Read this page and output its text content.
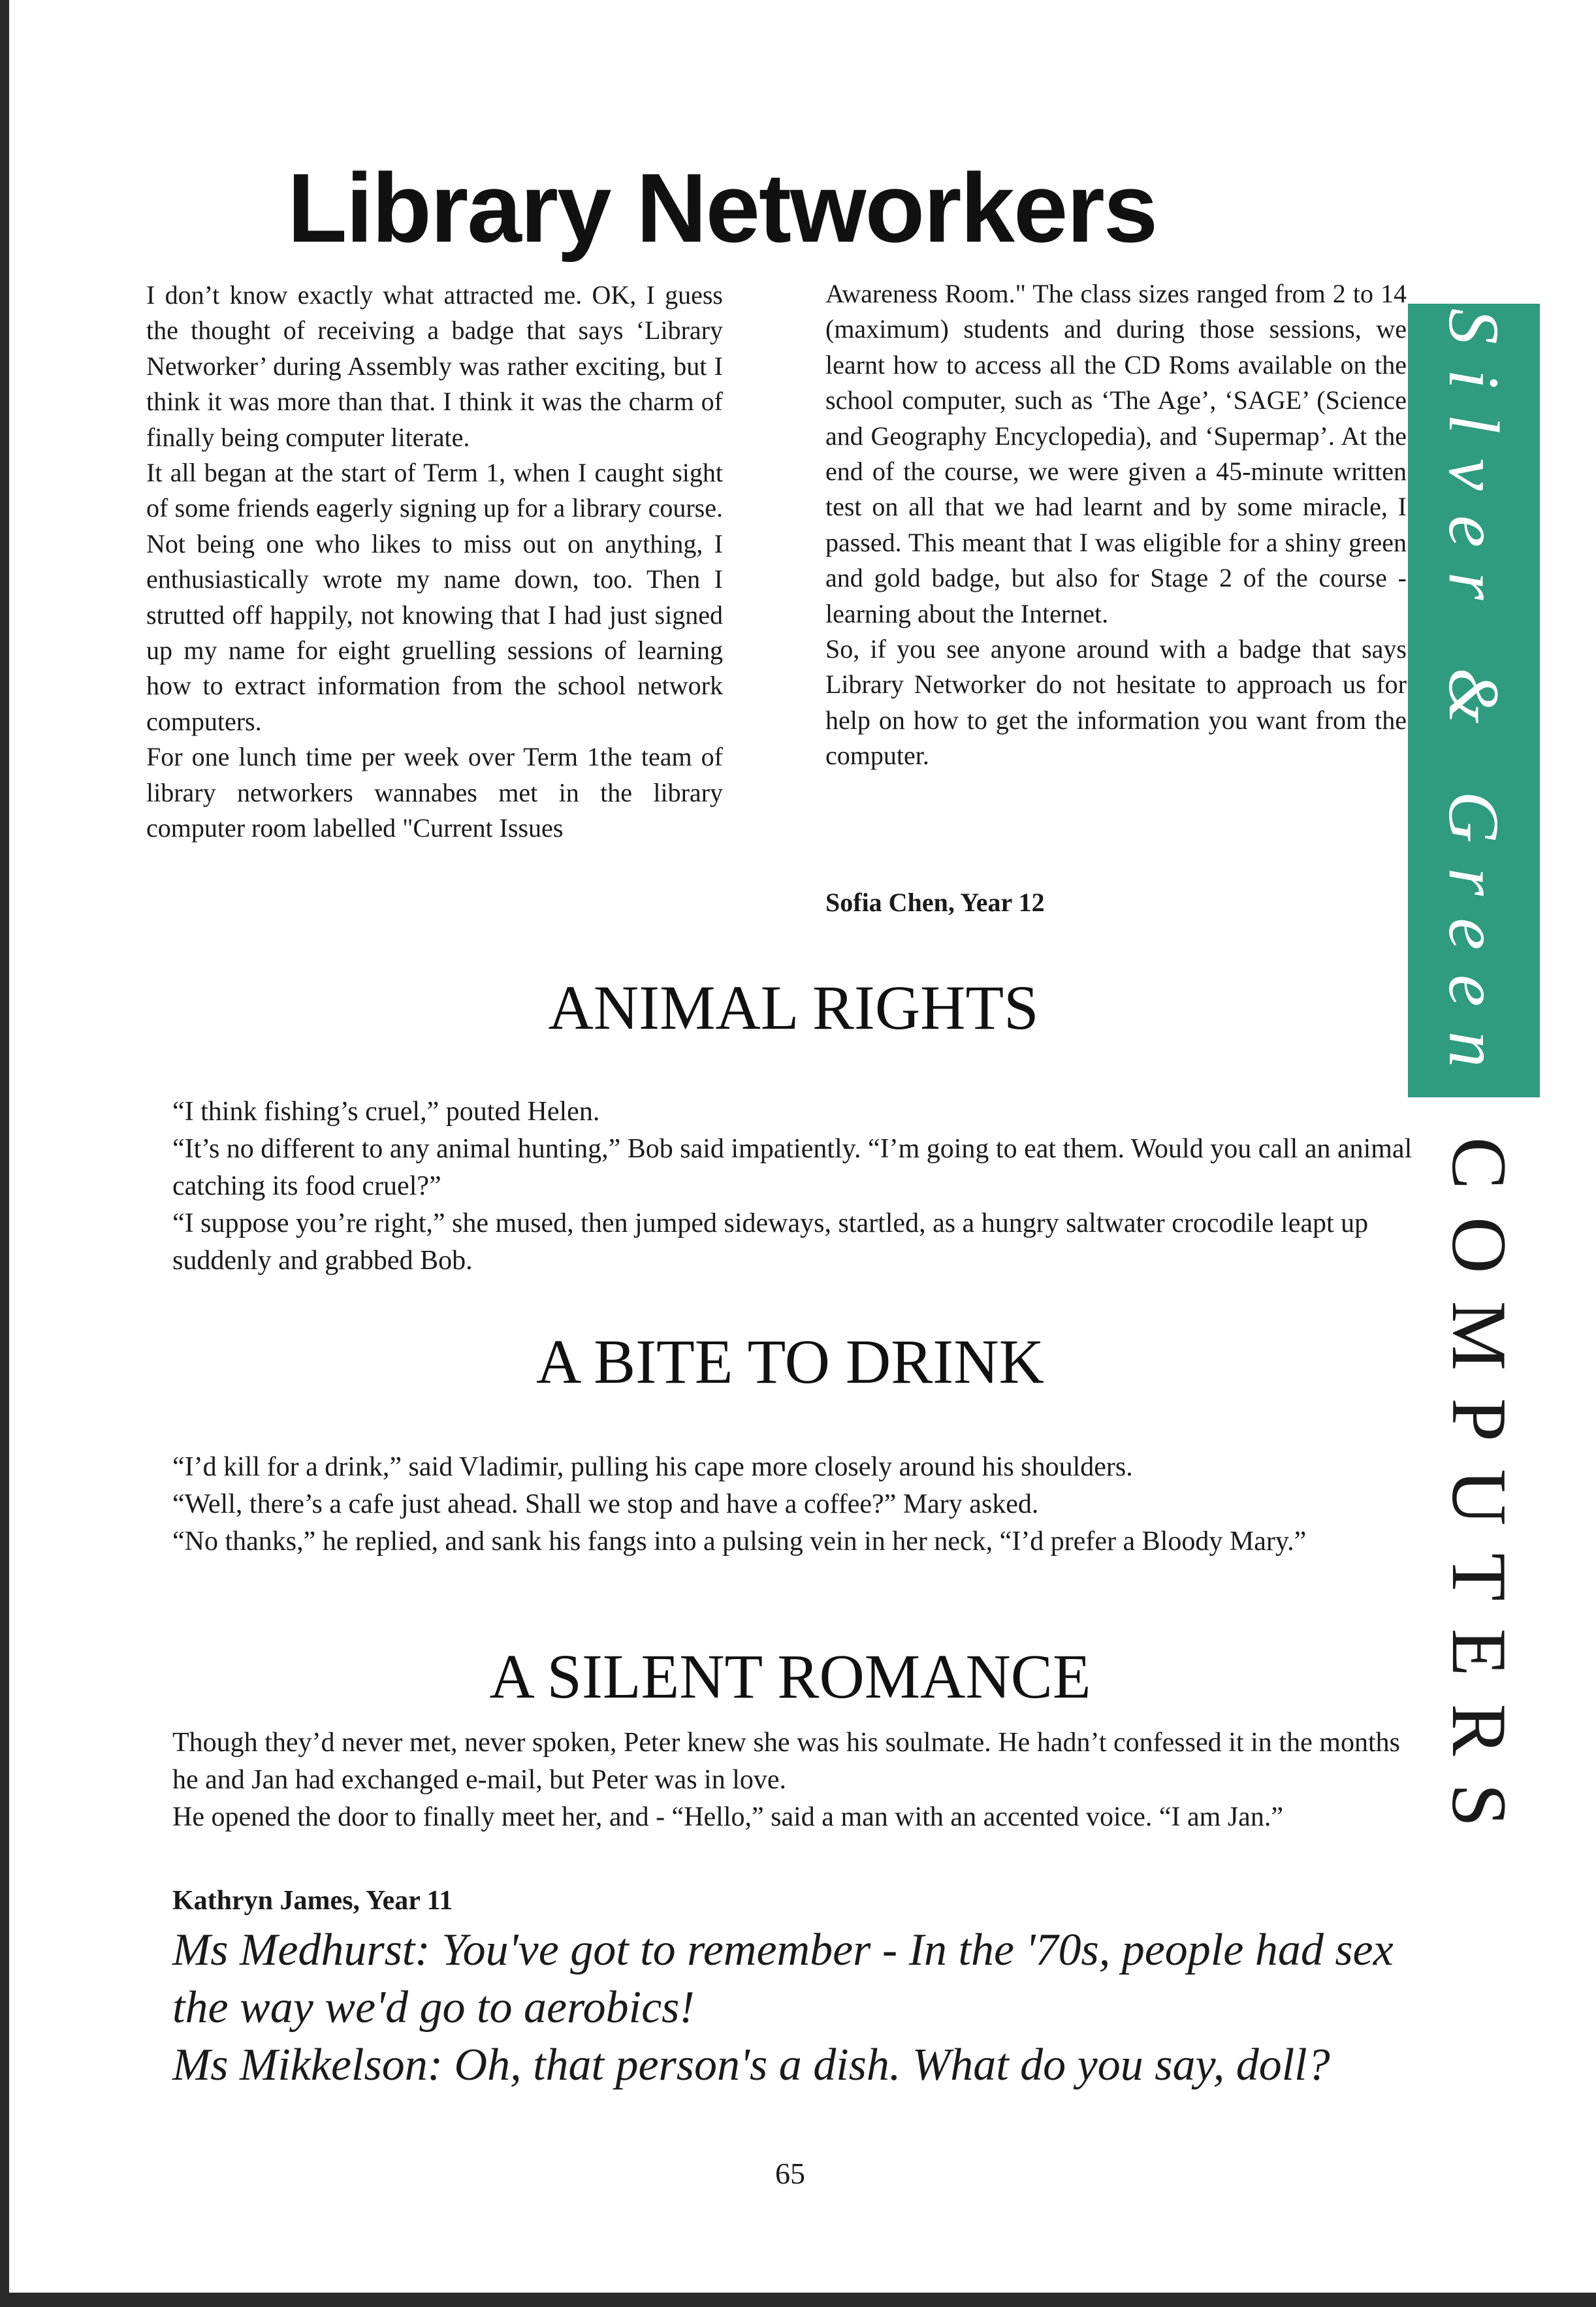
Library Networkers

I don’t know exactly what attracted me. OK, I guess the thought of receiving a badge that says ‘Library Networker’ during Assembly was rather exciting, but I think it was more than that. I think it was the charm of finally being computer literate.

It all began at the start of Term 1, when I caught sight of some friends eagerly signing up for a library course. Not being one who likes to miss out on anything, I enthusiastically wrote my name down, too. Then I strutted off happily, not knowing that I had just signed up my name for eight gruelling sessions of learning how to extract information from the school network computers.

For one lunch time per week over Term 1the team of library networkers wannabes met in the library computer room labelled "Current Issues

Awareness Room." The class sizes ranged from 2 to 14 (maximum) students and during those sessions, we learnt how to access all the CD Roms available on the school computer, such as ‘The Age’, ‘SAGE’ (Science and Geography Encyclopedia), and ‘Supermap’. At the end of the course, we were given a 45-minute written test on all that we had learnt and by some miracle, I passed. This meant that I was eligible for a shiny green and gold badge, but also for Stage 2 of the course - learning about the Internet.

So, if you see anyone around with a badge that says Library Networker do not hesitate to approach us for help on how to get the information you want from the computer.

Sofia Chen, Year 12	Silver & Green
COMPUTERS
ANIMAL RIGHTS

“I think fishing’s cruel,” pouted Helen.

“It’s no different to any animal hunting,” Bob said impatiently. “I’m going to eat them. Would you call an animal catching its food cruel?”

“I suppose you’re right,” she mused, then jumped sideways, startled, as a hungry saltwater crocodile leapt up suddenly and grabbed Bob.

A BITE TO DRINK

“I’d kill for a drink,” said Vladimir, pulling his cape more closely around his shoulders.

“Well, there’s a cafe just ahead. Shall we stop and have a coffee?” Mary asked.

“No thanks,” he replied, and sank his fangs into a pulsing vein in her neck, “I’d prefer a Bloody Mary.”

A SILENT ROMANCE

Though they’d never met, never spoken, Peter knew she was his soulmate. He hadn’t confessed it in the months he and Jan had exchanged e-mail, but Peter was in love.

He opened the door to finally meet her, and - “Hello,” said a man with an accented voice. “I am Jan.”

Kathryn James, Year 11

Ms Medhurst: You've got to remember - In the '70s, people had sex the way we'd go to aerobics!

Ms Mikkelson: Oh, that person's a dish. What do you say, doll?

65
